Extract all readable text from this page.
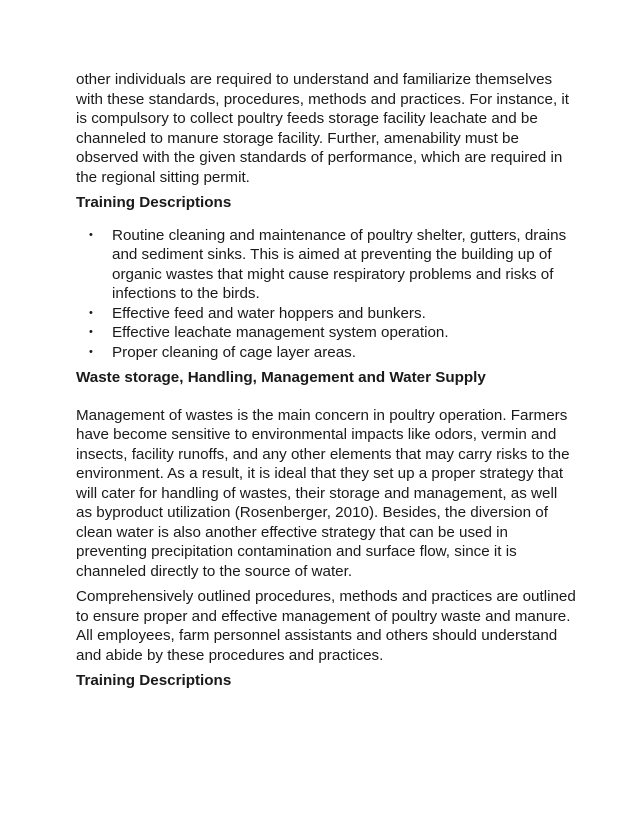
other individuals are required to understand and familiarize themselves with these standards, procedures, methods and practices. For instance, it is compulsory to collect poultry feeds storage facility leachate and be channeled to manure storage facility. Further, amenability must be observed with the given standards of performance, which are required in the regional sitting permit.

Training Descriptions

• Routine cleaning and maintenance of poultry shelter, gutters, drains and sediment sinks. This is aimed at preventing the building up of organic wastes that might cause respiratory problems and risks of infections to the birds.
• Effective feed and water hoppers and bunkers.
• Effective leachate management system operation.
• Proper cleaning of cage layer areas.

Waste storage, Handling, Management and Water Supply

Management of wastes is the main concern in poultry operation. Farmers have become sensitive to environmental impacts like odors, vermin and insects, facility runoffs, and any other elements that may carry risks to the environment. As a result, it is ideal that they set up a proper strategy that will cater for handling of wastes, their storage and management, as well as byproduct utilization (Rosenberger, 2010). Besides, the diversion of clean water is also another effective strategy that can be used in preventing precipitation contamination and surface flow, since it is channeled directly to the source of water.

Comprehensively outlined procedures, methods and practices are outlined to ensure proper and effective management of poultry waste and manure. All employees, farm personnel assistants and others should understand and abide by these procedures and practices.

Training Descriptions
